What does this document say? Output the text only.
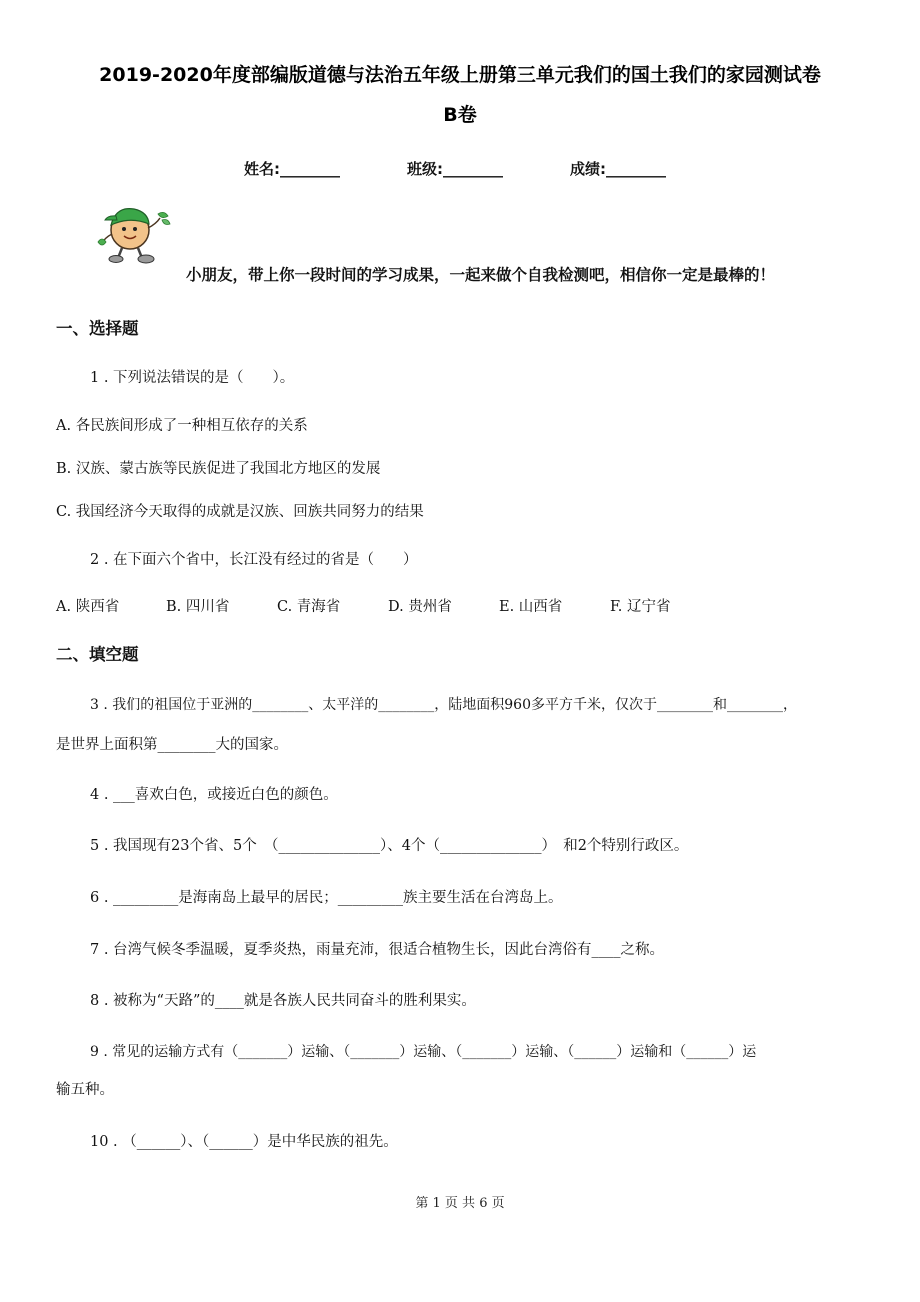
2019-2020年度部编版道德与法治五年级上册第三单元我们的国土我们的家园测试卷
B卷
姓名:________	班级:________	成绩:________
小朋友，带上你一段时间的学习成果，一起来做个自我检测吧，相信你一定是最棒的！
一、选择题
1 . 下列说法错误的是（　　）。
A. 各民族间形成了一种相互依存的关系
B. 汉族、蒙古族等民族促进了我国北方地区的发展
C. 我国经济今天取得的成就是汉族、回族共同努力的结果
2 . 在下面六个省中，长江没有经过的省是（　　）
A. 陕西省	B. 四川省	C. 青海省	D. 贵州省	E. 山西省	F. 辽宁省
二、填空题
3 . 我们的祖国位于亚洲的________、太平洋的________，陆地面积960多平方千米，仅次于________和________，
是世界上面积第________大的国家。
4 . ___喜欢白色，或接近白色的颜色。
5 . 我国现有23个省、5个　（______________）、4个（______________）　和2个特别行政区。
6 . _________是海南岛上最早的居民；_________族主要生活在台湾岛上。
7 . 台湾气候冬季温暖，夏季炎热，雨量充沛，很适合植物生长，因此台湾俗有____之称。
8 . 被称为“天路”的____就是各族人民共同奋斗的胜利果实。
9 . 常见的运输方式有（_______）运输、（_______）运输、（_______）运输、（______）运输和（______）运
输五种。
10 . （______）、（______）是中华民族的祖先。
第 1 页 共 6 页
